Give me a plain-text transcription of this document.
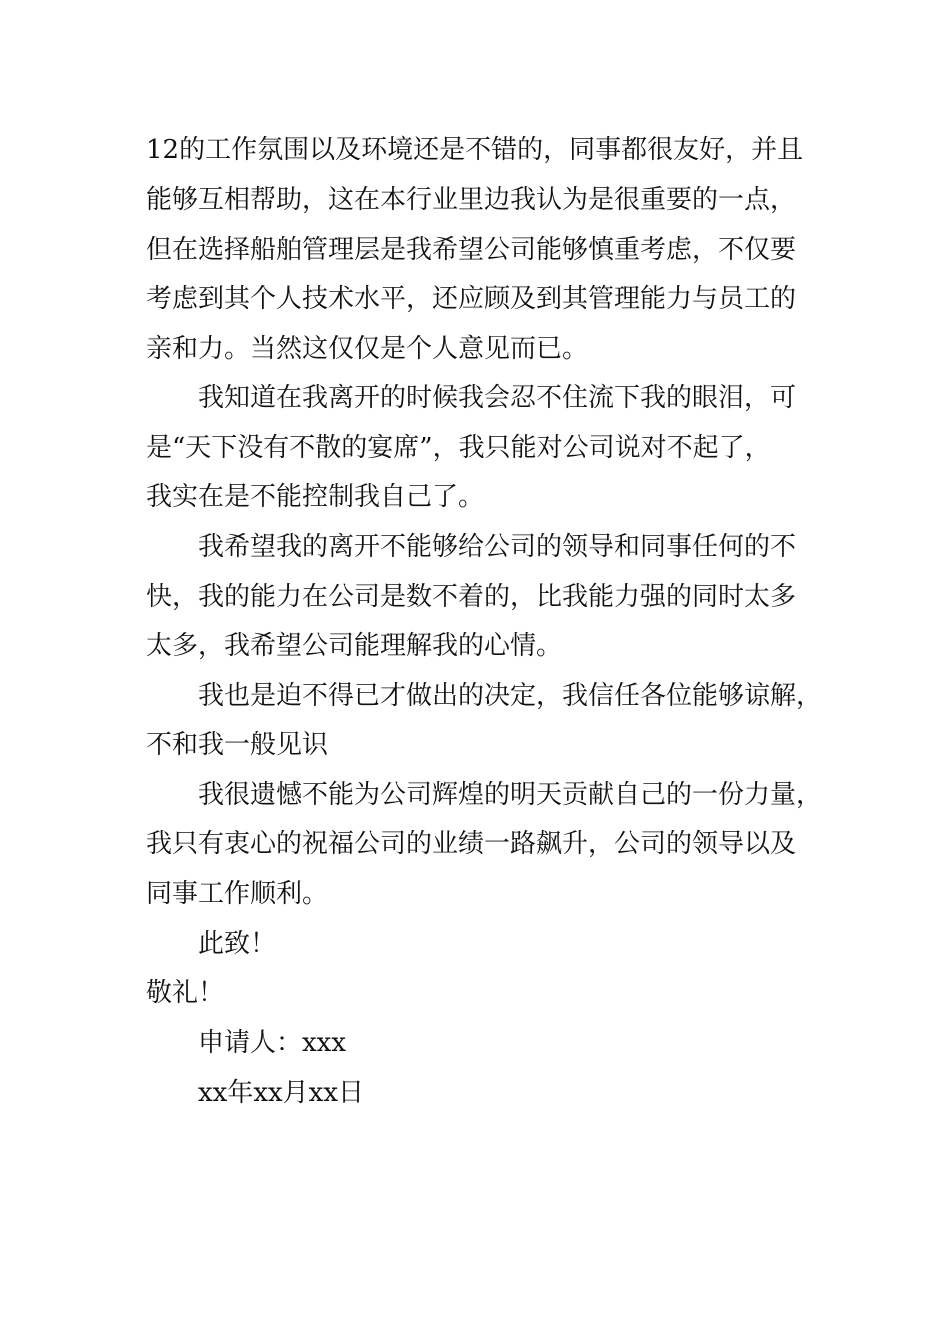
12的工作氛围以及环境还是不错的，同事都很友好，并且

能够互相帮助，这在本行业里边我认为是很重要的一点，

但在选择船舶管理层是我希望公司能够慎重考虑，不仅要

考虑到其个人技术水平，还应顾及到其管理能力与员工的

亲和力。当然这仅仅是个人意见而已。

我知道在我离开的时候我会忍不住流下我的眼泪，可

是“天下没有不散的宴席”，我只能对公司说对不起了，

我实在是不能控制我自己了。

我希望我的离开不能够给公司的领导和同事任何的不

快，我的能力在公司是数不着的，比我能力强的同时太多

太多，我希望公司能理解我的心情。

我也是迫不得已才做出的决定，我信任各位能够谅解，

不和我一般见识

我很遗憾不能为公司辉煌的明天贡献自己的一份力量，

我只有衷心的祝福公司的业绩一路飙升，公司的领导以及

同事工作顺利。

此致！

敬礼！

申请人：xxx

xx年xx月xx日
